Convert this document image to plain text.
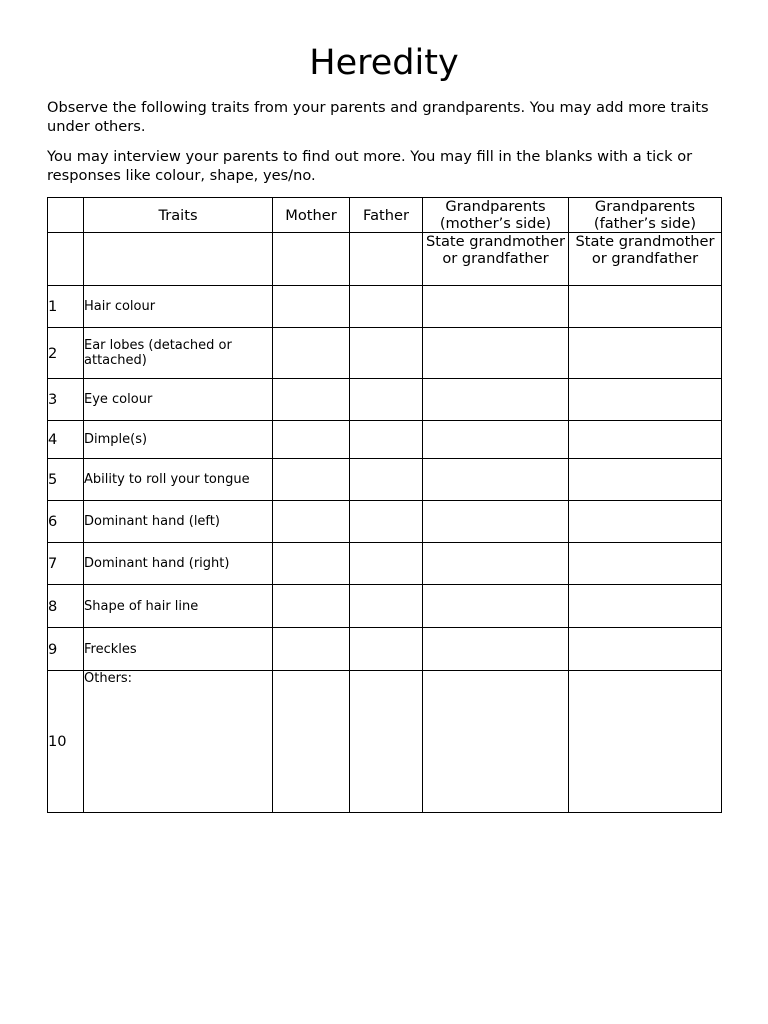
Heredity

Observe the following traits from your parents and grandparents. You may add more traits under others.

You may interview your parents to find out more. You may fill in the blanks with a tick or responses like colour, shape, yes/no.

	Traits	Mother	Father	Grandparents (mother’s side)	Grandparents (father’s side)
				State grandmother or grandfather	State grandmother or grandfather
1	Hair colour				
2	Ear lobes (detached or attached)				
3	Eye colour				
4	Dimple(s)				
5	Ability to roll your tongue				
6	Dominant hand (left)				
7	Dominant hand (right)				
8	Shape of hair line				
9	Freckles				
10	Others:				
